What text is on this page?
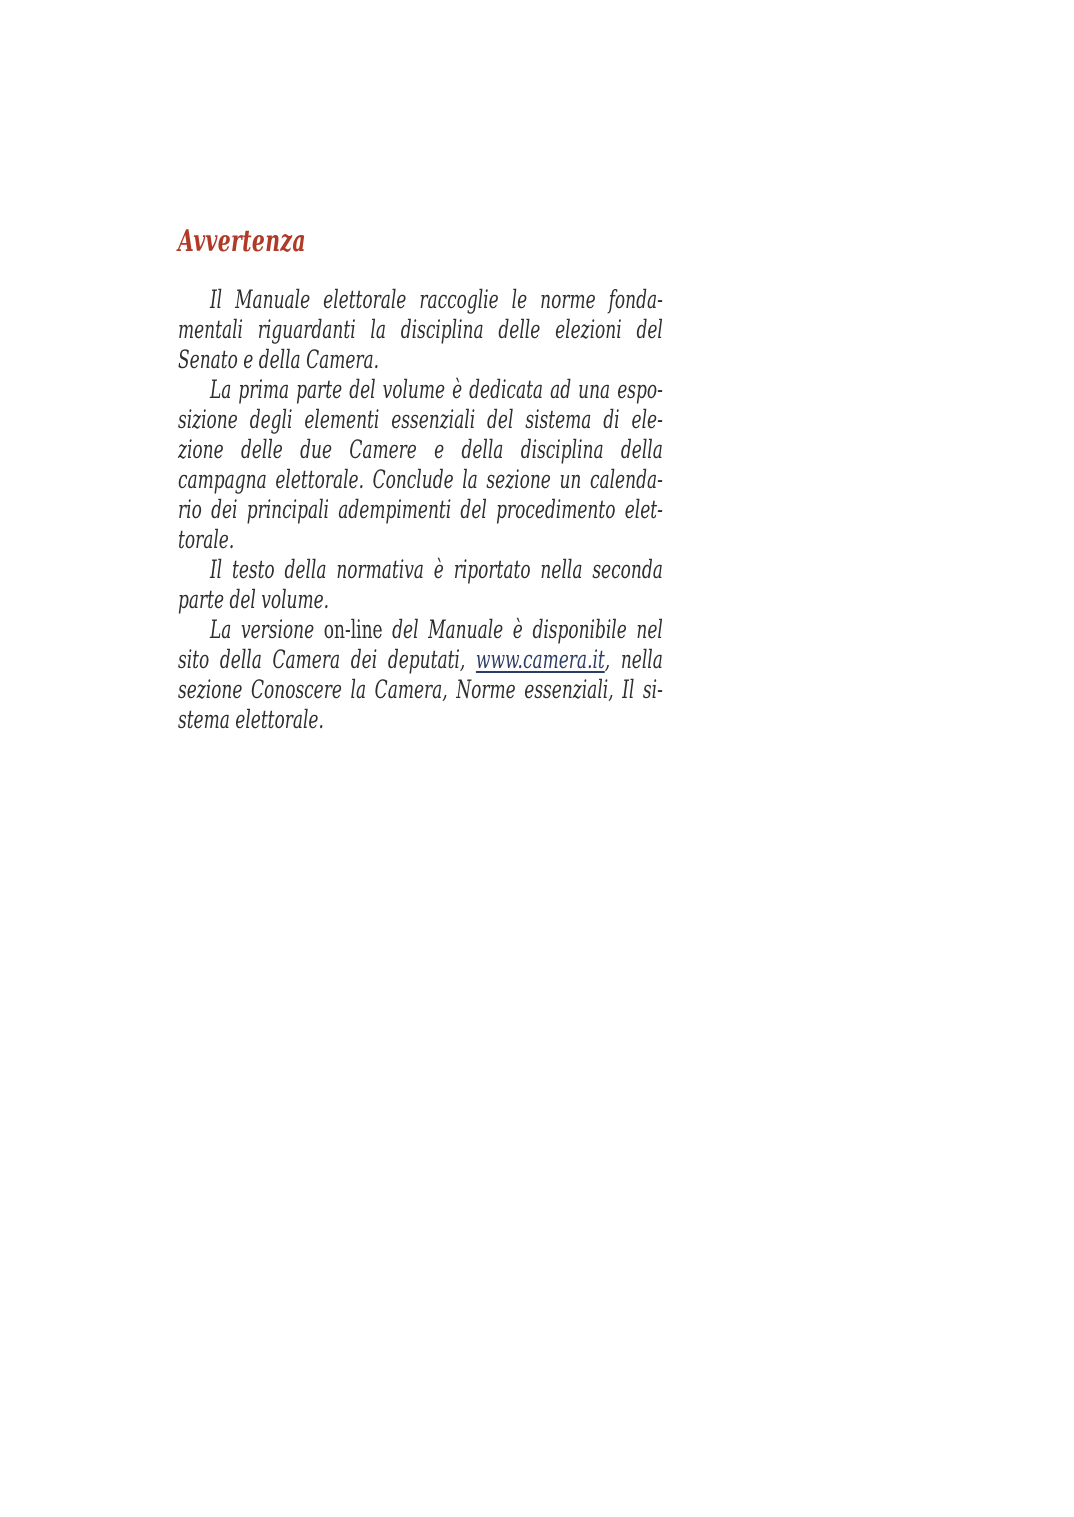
Avvertenza
Il Manuale elettorale raccoglie le norme fonda-
mentali riguardanti la disciplina delle elezioni del
Senato e della Camera.
La prima parte del volume è dedicata ad una espo-
sizione degli elementi essenziali del sistema di ele-
zione delle due Camere e della disciplina della
campagna elettorale. Conclude la sezione un calenda-
rio dei principali adempimenti del procedimento elet-
torale.
Il testo della normativa è riportato nella seconda
parte del volume.
La versione on-line del Manuale è disponibile nel
sito della Camera dei deputati, www.camera.it, nella
sezione Conoscere la Camera, Norme essenziali, Il si-
stema elettorale.
